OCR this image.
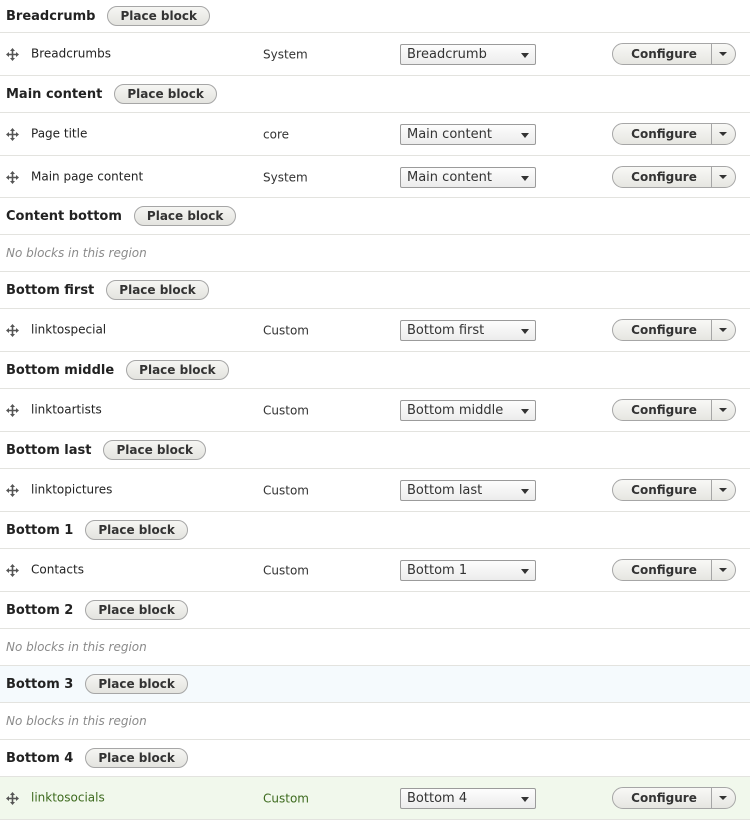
Breadcrumb	Place block
Breadcrumbs	System	Breadcrumb	Configure
Main content	Place block
Page title	core	Main content	Configure
Main page content	System	Main content	Configure
Content bottom	Place block
No blocks in this region
Bottom first	Place block
linktospecial	Custom	Bottom first	Configure
Bottom middle	Place block
linktoartists	Custom	Bottom middle	Configure
Bottom last	Place block
linktopictures	Custom	Bottom last	Configure
Bottom 1	Place block
Contacts	Custom	Bottom 1	Configure
Bottom 2	Place block
No blocks in this region
Bottom 3	Place block
No blocks in this region
Bottom 4	Place block
linktosocials	Custom	Bottom 4	Configure
